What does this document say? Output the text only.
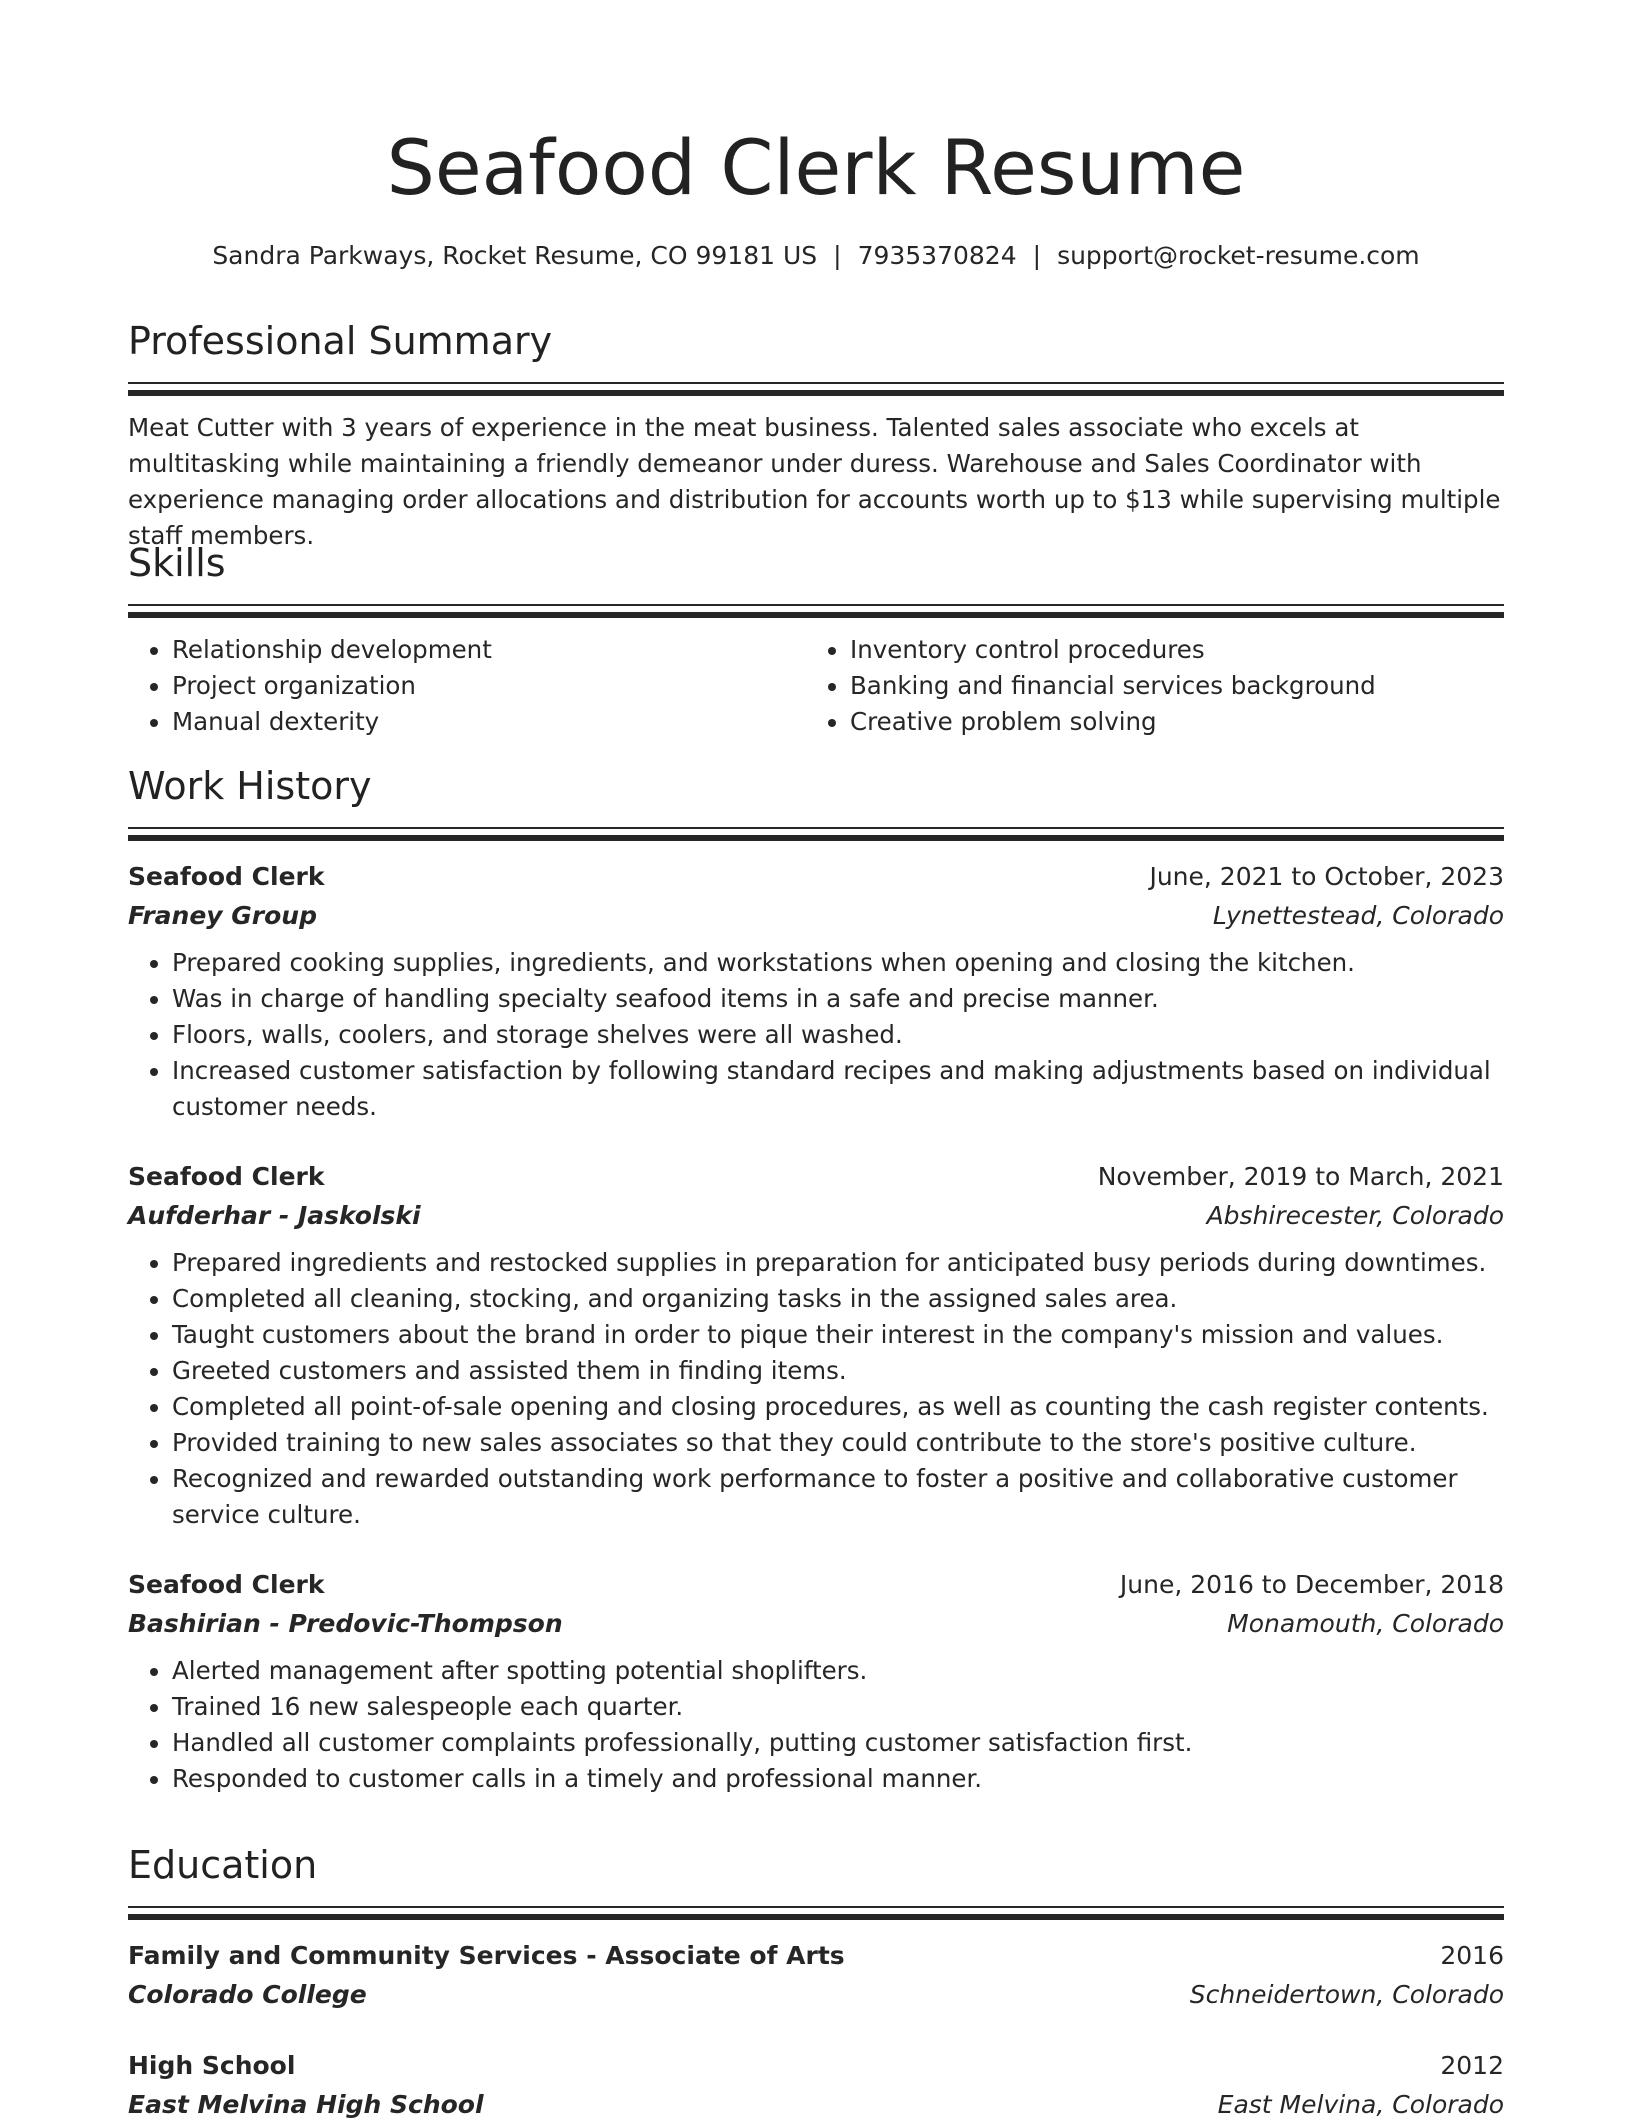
Seafood Clerk Resume
Sandra Parkways, Rocket Resume, CO 99181 US | 7935370824 | support@rocket-resume.com
Professional Summary
Meat Cutter with 3 years of experience in the meat business. Talented sales associate who excels at multitasking while maintaining a friendly demeanor under duress. Warehouse and Sales Coordinator with experience managing order allocations and distribution for accounts worth up to $13 while supervising multiple staff members.
Skills
• Relationship development
• Project organization
• Manual dexterity
• Inventory control procedures
• Banking and financial services background
• Creative problem solving
Work History
Seafood Clerk	June, 2021 to October, 2023
Franey Group	Lynettestead, Colorado
• Prepared cooking supplies, ingredients, and workstations when opening and closing the kitchen.
• Was in charge of handling specialty seafood items in a safe and precise manner.
• Floors, walls, coolers, and storage shelves were all washed.
• Increased customer satisfaction by following standard recipes and making adjustments based on individual customer needs.
Seafood Clerk	November, 2019 to March, 2021
Aufderhar - Jaskolski	Abshirecester, Colorado
• Prepared ingredients and restocked supplies in preparation for anticipated busy periods during downtimes.
• Completed all cleaning, stocking, and organizing tasks in the assigned sales area.
• Taught customers about the brand in order to pique their interest in the company's mission and values.
• Greeted customers and assisted them in finding items.
• Completed all point-of-sale opening and closing procedures, as well as counting the cash register contents.
• Provided training to new sales associates so that they could contribute to the store's positive culture.
• Recognized and rewarded outstanding work performance to foster a positive and collaborative customer service culture.
Seafood Clerk	June, 2016 to December, 2018
Bashirian - Predovic-Thompson	Monamouth, Colorado
• Alerted management after spotting potential shoplifters.
• Trained 16 new salespeople each quarter.
• Handled all customer complaints professionally, putting customer satisfaction first.
• Responded to customer calls in a timely and professional manner.
Education
Family and Community Services - Associate of Arts	2016
Colorado College	Schneidertown, Colorado
High School	2012
East Melvina High School	East Melvina, Colorado
